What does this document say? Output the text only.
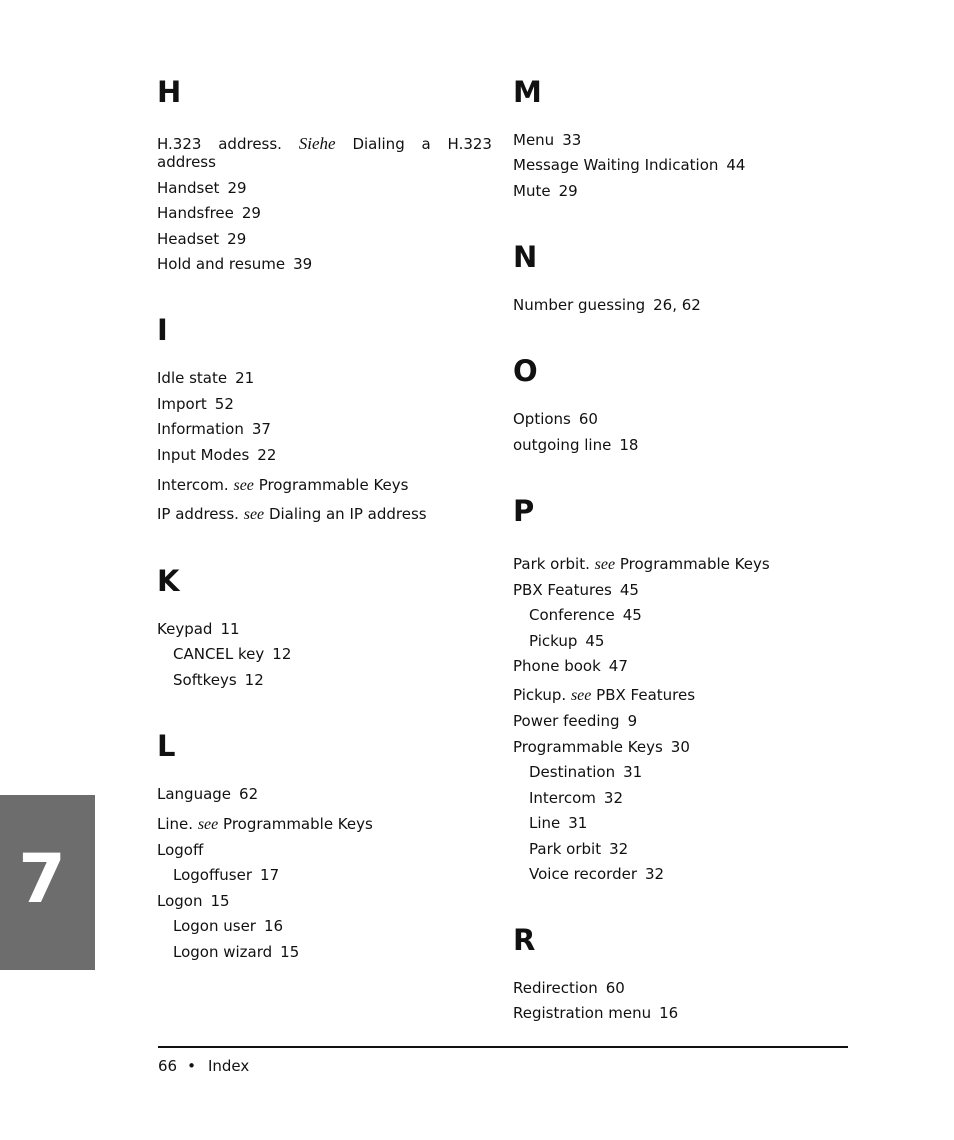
H
H.323 address. Siehe Dialing a H.323
address
Handset 29
Handsfree 29
Headset 29
Hold and resume 39
I
Idle state 21
Import 52
Information 37
Input Modes 22
Intercom. see Programmable Keys
IP address. see Dialing an IP address
K
Keypad 11
CANCEL key 12
Softkeys 12
L
Language 62
Line. see Programmable Keys
Logoff
Logoffuser 17
Logon 15
Logon user 16
Logon wizard 15
M
Menu 33
Message Waiting Indication 44
Mute 29
N
Number guessing 26, 62
O
Options 60
outgoing line 18
P
Park orbit. see Programmable Keys
PBX Features 45
Conference 45
Pickup 45
Phone book 47
Pickup. see PBX Features
Power feeding 9
Programmable Keys 30
Destination 31
Intercom 32
Line 31
Park orbit 32
Voice recorder 32
R
Redirection 60
Registration menu 16
7
66 • Index
